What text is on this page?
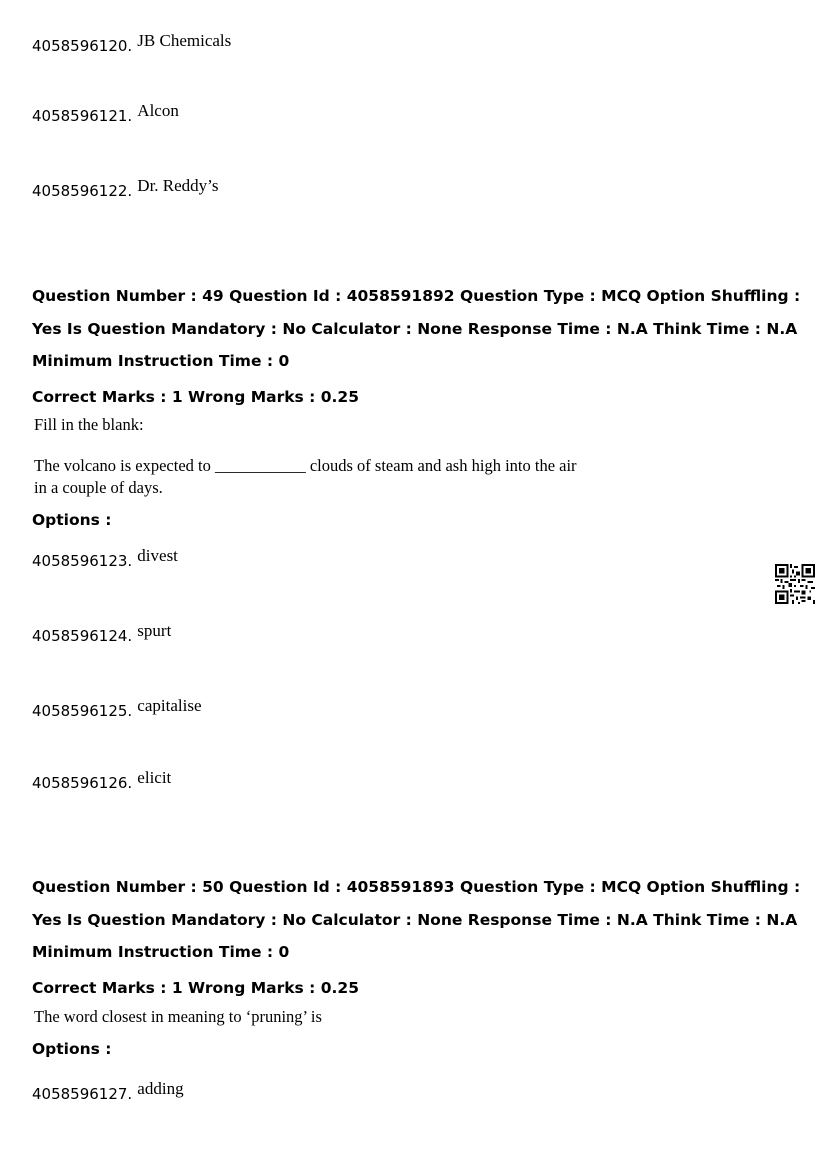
4058596120. JB Chemicals
4058596121. Alcon
4058596122. Dr. Reddy’s
Question Number : 49 Question Id : 4058591892 Question Type : MCQ Option Shuffling : Yes Is Question Mandatory : No Calculator : None Response Time : N.A Think Time : N.A Minimum Instruction Time : 0
Correct Marks : 1 Wrong Marks : 0.25
Fill in the blank:
The volcano is expected to ___________ clouds of steam and ash high into the air
in a couple of days.
Options :
4058596123. divest
4058596124. spurt
4058596125. capitalise
4058596126. elicit
Question Number : 50 Question Id : 4058591893 Question Type : MCQ Option Shuffling : Yes Is Question Mandatory : No Calculator : None Response Time : N.A Think Time : N.A Minimum Instruction Time : 0
Correct Marks : 1 Wrong Marks : 0.25
The word closest in meaning to ‘pruning’ is
Options :
4058596127. adding
